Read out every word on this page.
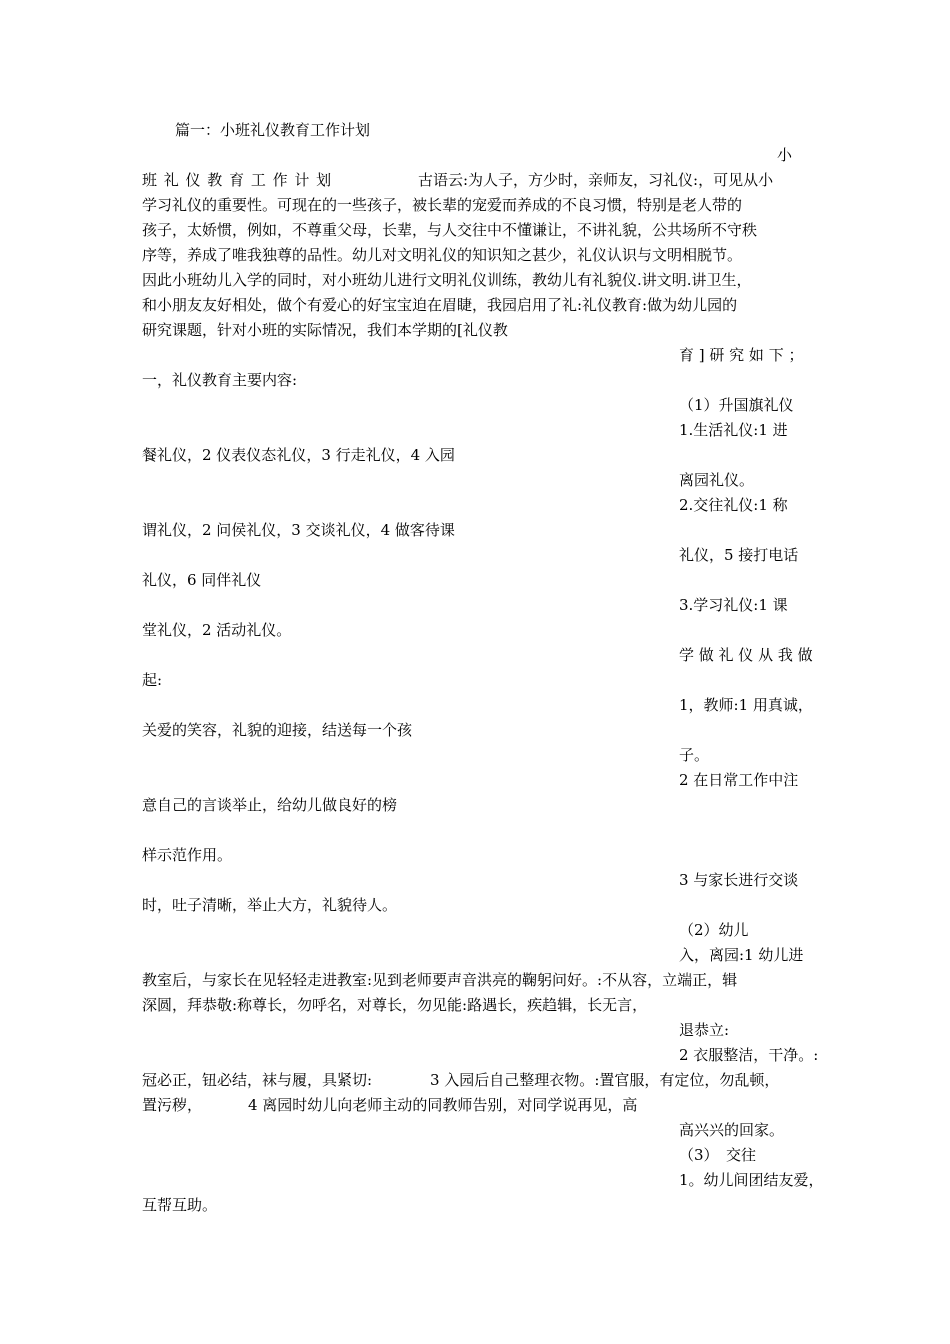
篇一：小班礼仪教育工作计划
小
班 礼 仪 教 育 工 作 计 划	古语云:为人子，方少时，亲师友，习礼仪:，可见从小
学习礼仪的重要性。可现在的一些孩子，被长辈的宠爱而养成的不良习惯，特别是老人带的
孩子，太娇惯，例如，不尊重父母，长辈，与人交往中不懂谦让，不讲礼貌，公共场所不守秩
序等，养成了唯我独尊的品性。幼儿对文明礼仪的知识知之甚少，礼仪认识与文明相脱节。
因此小班幼儿入学的同时，对小班幼儿进行文明礼仪训练，教幼儿有礼貌仪.讲文明.讲卫生，
和小朋友友好相处，做个有爱心的好宝宝迫在眉睫，我园启用了礼:礼仪教育:做为幼儿园的
研究课题，针对小班的实际情况，我们本学期的[礼仪教
育 ] 研 究 如 下 ；
一，礼仪教育主要内容:
（1）升国旗礼仪
1.生活礼仪:1 进
餐礼仪，2 仪表仪态礼仪，3 行走礼仪，4 入园
离园礼仪。
2.交往礼仪:1 称
谓礼仪，2 问侯礼仪，3 交谈礼仪，4 做客待课
礼仪，5 接打电话
礼仪，6 同伴礼仪
3.学习礼仪:1 课
堂礼仪，2 活动礼仪。
学 做 礼 仪 从 我 做
起:
1，教师:1 用真诚，
关爱的笑容，礼貌的迎接，结送每一个孩
子。
2 在日常工作中注
意自己的言谈举止，给幼儿做良好的榜
样示范作用。
3 与家长进行交谈
时，吐子清晰，举止大方，礼貌待人。
（2）幼儿
入，离园:1 幼儿进
教室后，与家长在见轻轻走进教室:见到老师要声音洪亮的鞠躬问好。:不从容，立端正，辑
深圆，拜恭敬:称尊长，勿呼名，对尊长，勿见能:路遇长，疾趋辑，长无言，
退恭立:
2 衣服整洁，干净。:
冠必正，钮必结，袜与履，具紧切:	3 入园后自己整理衣物。:置官服，有定位，勿乱顿，
置污秽，	4 离园时幼儿向老师主动的同教师告别，对同学说再见，高
高兴兴的回家。
（3）　交往
1。幼儿间团结友爱，
互帮互助。
